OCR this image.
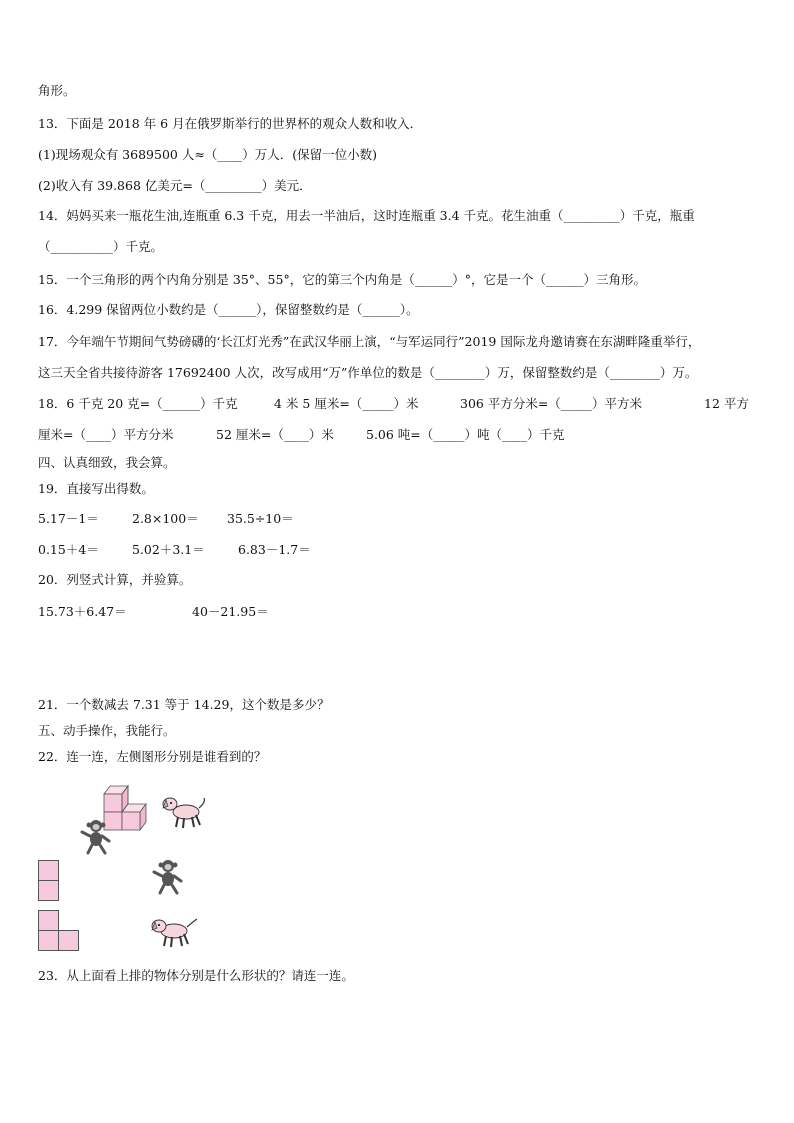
角形。
13．下面是 2018 年 6 月在俄罗斯举行的世界杯的观众人数和收入．
(1)现场观众有 3689500 人≈（____）万人．(保留一位小数)
(2)收入有 39.868 亿美元=（_________）美元．
14．妈妈买来一瓶花生油,连瓶重 6.3 千克，用去一半油后，这时连瓶重 3.4 千克。花生油重（_________）千克，瓶重
（__________）千克。
15．一个三角形的两个内角分别是 35°、55°，它的第三个内角是（______）°，它是一个（______）三角形。
16．4.299 保留两位小数约是（______），保留整数约是（______）。
17．今年端午节期间气势磅礴的‘长江灯光秀”在武汉华丽上演，“与军运同行”2019 国际龙舟邀请赛在东湖畔隆重举行，
这三天全省共接待游客 17692400 人次，改写成用“万”作单位的数是（________）万，保留整数约是（________）万。
18．6 千克 20 克=（______）千克	4 米 5 厘米=（_____）米	306 平方分米=（_____）平方米	12 平方
厘米=（____）平方分米	52 厘米=（____）米	5.06 吨=（_____）吨（____）千克
四、认真细致，我会算。
19．直接写出得数。
5.17－1＝	2.8×100＝ 35.5÷10＝
0.15＋4＝	5.02＋3.1＝	6.83－1.7＝
20．列竖式计算，并验算。
15.73＋6.47＝	40－21.95＝
21．一个数减去 7.31 等于 14.29，这个数是多少？
五、动手操作，我能行。
22．连一连，左侧图形分别是谁看到的？
23．从上面看上排的物体分别是什么形状的？请连一连。
